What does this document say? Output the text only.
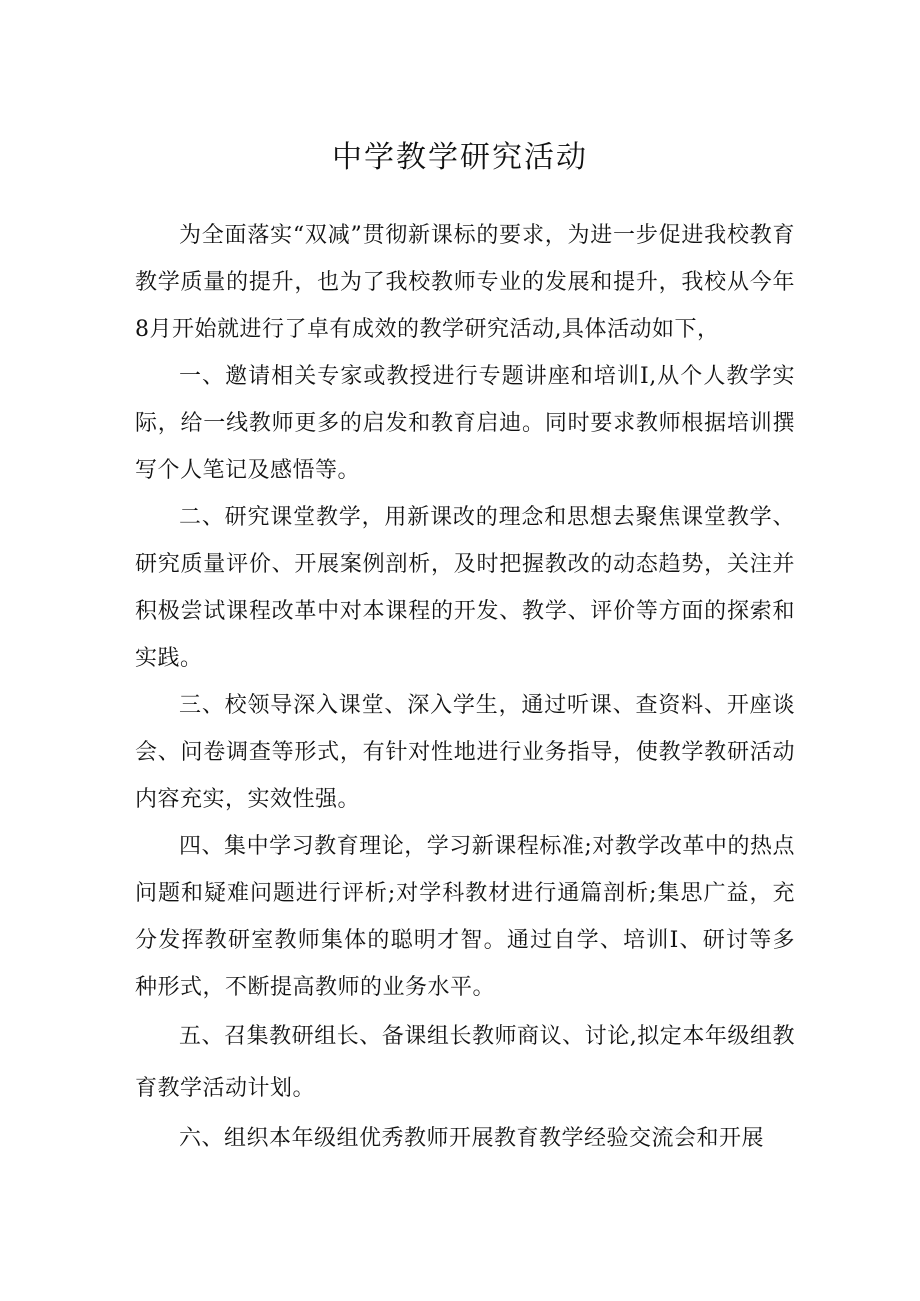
中学教学研究活动

为全面落实“双减”贯彻新课标的要求，为进一步促进我校教育教学质量的提升，也为了我校教师专业的发展和提升，我校从今年8月开始就进行了卓有成效的教学研究活动,具体活动如下，

一、邀请相关专家或教授进行专题讲座和培训I,从个人教学实际，给一线教师更多的启发和教育启迪。同时要求教师根据培训撰写个人笔记及感悟等。

二、研究课堂教学，用新课改的理念和思想去聚焦课堂教学、研究质量评价、开展案例剖析，及时把握教改的动态趋势，关注并积极尝试课程改革中对本课程的开发、教学、评价等方面的探索和实践。

三、校领导深入课堂、深入学生，通过听课、查资料、开座谈会、问卷调查等形式，有针对性地进行业务指导，使教学教研活动内容充实，实效性强。

四、集中学习教育理论，学习新课程标准;对教学改革中的热点问题和疑难问题进行评析;对学科教材进行通篇剖析;集思广益，充分发挥教研室教师集体的聪明才智。通过自学、培训I、研讨等多种形式，不断提高教师的业务水平。

五、召集教研组长、备课组长教师商议、讨论,拟定本年级组教育教学活动计划。

六、组织本年级组优秀教师开展教育教学经验交流会和开展
